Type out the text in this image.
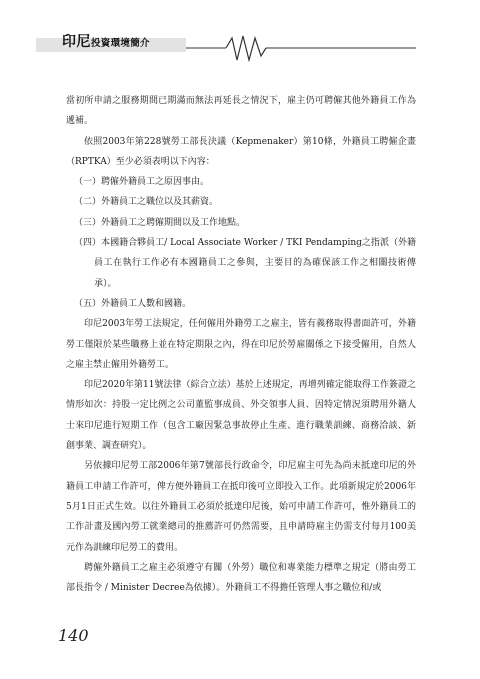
印尼投資環境簡介

當初所申請之服務期間已期滿而無法再延長之情況下，雇主仍可聘僱其他外籍員工作為遞補。

依照2003年第228號勞工部長決議（Kepmenaker）第10條，外籍員工聘僱企畫（RPTKA）至少必須表明以下內容：

（一）聘僱外籍員工之原因事由。

（二）外籍員工之職位以及其薪資。

（三）外籍員工之聘僱期間以及工作地點。

（四）本國籍合夥員工/ Local Associate Worker / TKI Pendamping之指派（外籍員工在執行工作必有本國籍員工之參與，主要目的為確保該工作之相關技術傳承）。

（五）外籍員工人數和國籍。

印尼2003年勞工法規定，任何僱用外籍勞工之雇主，皆有義務取得書面許可，外籍勞工僅限於某些職務上並在特定期限之內，得在印尼於勞雇關係之下接受僱用，自然人之雇主禁止僱用外籍勞工。

印尼2020年第11號法律（綜合立法）基於上述規定，再增列確定能取得工作簽證之情形如次：持股一定比例之公司董監事成員、外交領事人員、因特定情況須聘用外籍人士來印尼進行短期工作（包含工廠因緊急事故停止生產、進行職業訓練、商務洽談、新創事業、調查研究）。

另依據印尼勞工部2006年第7號部長行政命令，印尼雇主可先為尚未抵達印尼的外籍員工申請工作許可，俾方便外籍員工在抵印後可立即投入工作。此項新規定於2006年5月1日正式生效。以往外籍員工必須於抵達印尼後，始可申請工作許可，惟外籍員工的工作計畫及國內勞工就業總司的推薦許可仍然需要，且申請時雇主仍需支付每月100美元作為訓練印尼勞工的費用。

聘僱外籍員工之雇主必須遵守有關（外勞）職位和專業能力標準之規定（將由勞工部長指令 / Minister Decree為依據）。外籍員工不得擔任管理人事之職位和/或

140
